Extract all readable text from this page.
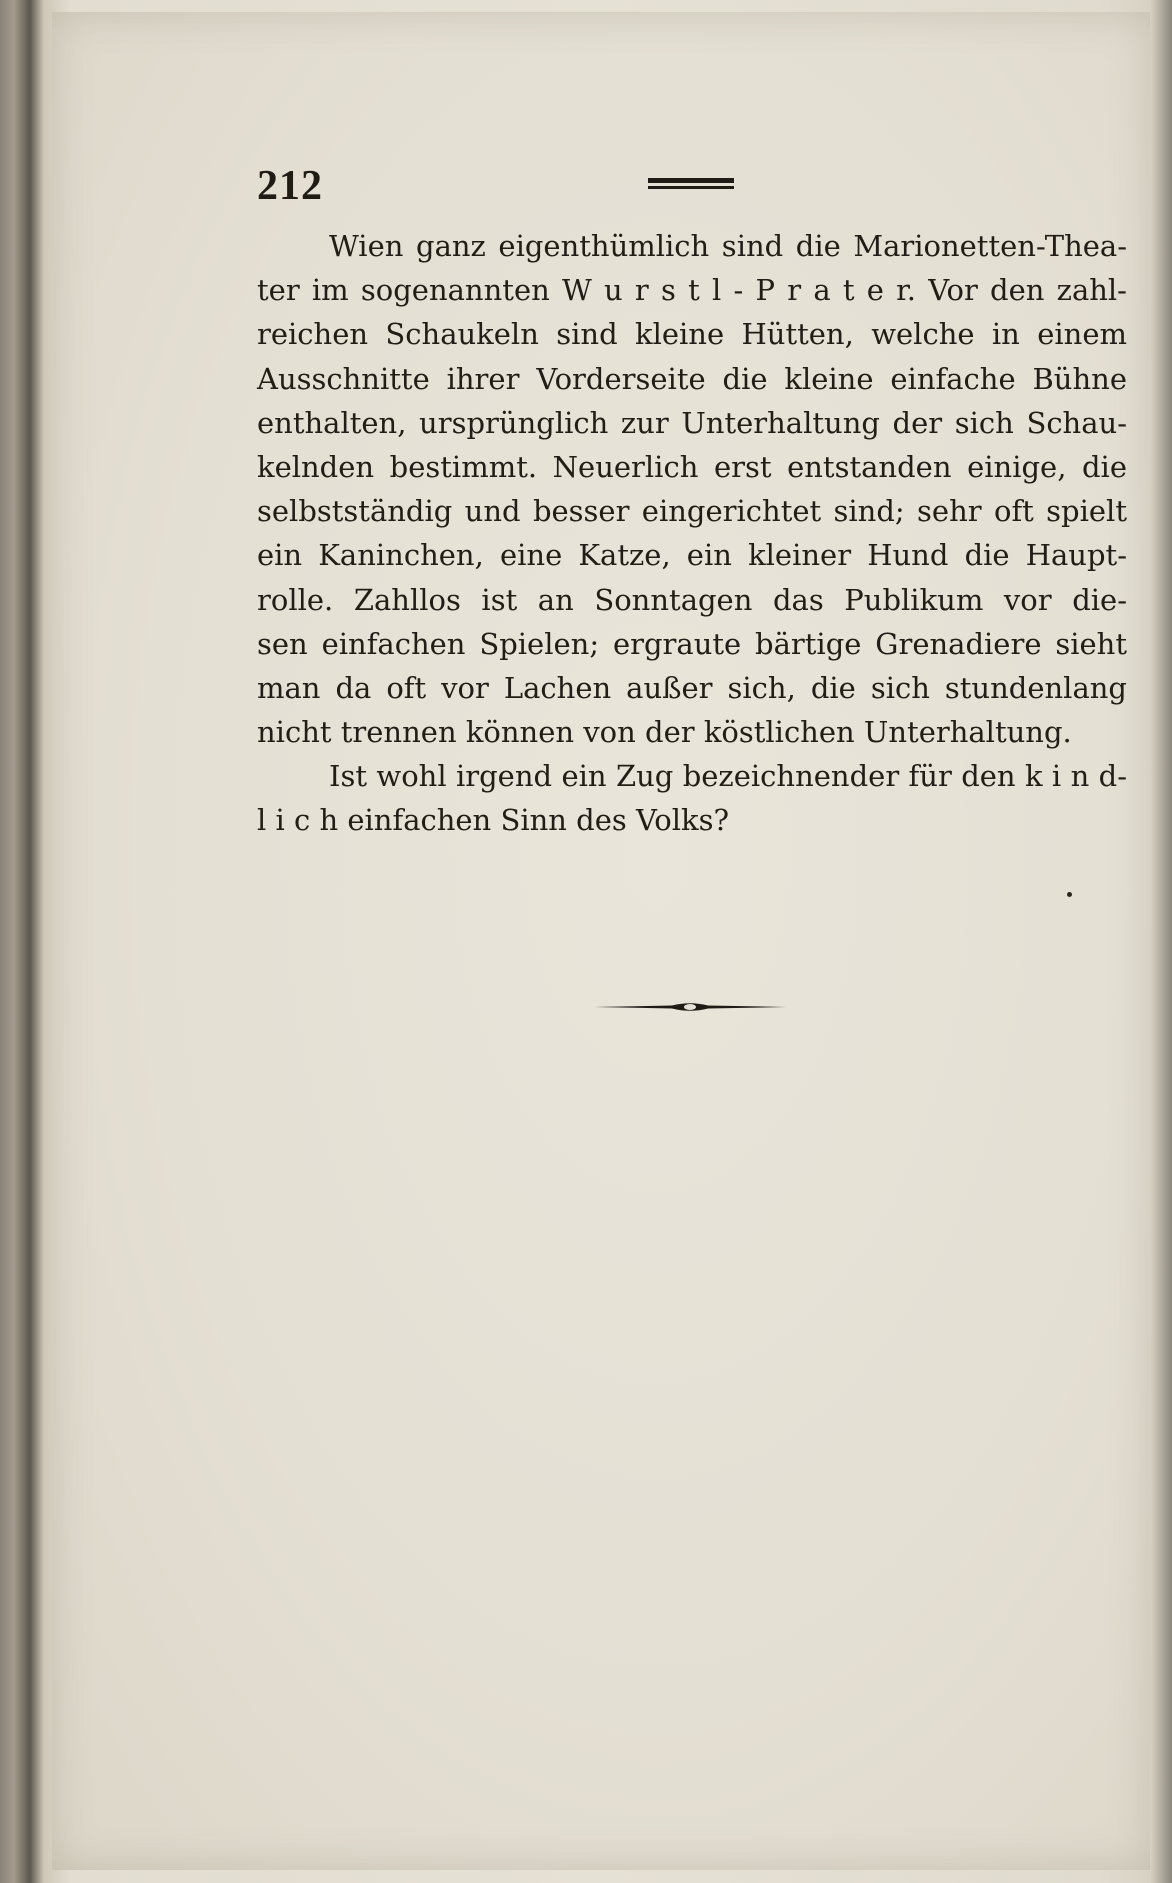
212
Wien ganz eigenthümlich sind die Marionetten-Thea-
ter im sogenannten W u r s t l - P r a t e r. Vor den zahl-
reichen Schaukeln sind kleine Hütten, welche in einem
Ausschnitte ihrer Vorderseite die kleine einfache Bühne
enthalten, ursprünglich zur Unterhaltung der sich Schau-
kelnden bestimmt. Neuerlich erst entstanden einige, die
selbstständig und besser eingerichtet sind; sehr oft spielt
ein Kaninchen, eine Katze, ein kleiner Hund die Haupt-
rolle. Zahllos ist an Sonntagen das Publikum vor die-
sen einfachen Spielen; ergraute bärtige Grenadiere sieht
man da oft vor Lachen außer sich, die sich stundenlang
nicht trennen können von der köstlichen Unterhaltung.
Ist wohl irgend ein Zug bezeichnender für den k i n d-
l i c h einfachen Sinn des Volks?
